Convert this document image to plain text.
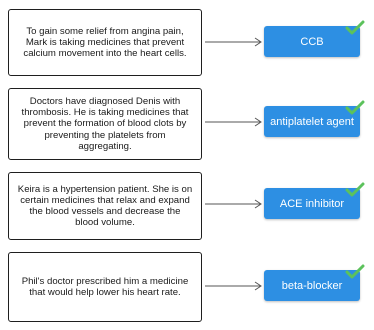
To gain some relief from angina pain, Mark is taking medicines that prevent calcium movement into the heart cells.
CCB
Doctors have diagnosed Denis with thrombosis. He is taking medicines that prevent the formation of blood clots by preventing the platelets from aggregating.
antiplatelet agent
Keira is a hypertension patient. She is on certain medicines that relax and expand the blood vessels and decrease the blood volume.
ACE inhibitor
Phil's doctor prescribed him a medicine that would help lower his heart rate.
beta-blocker
